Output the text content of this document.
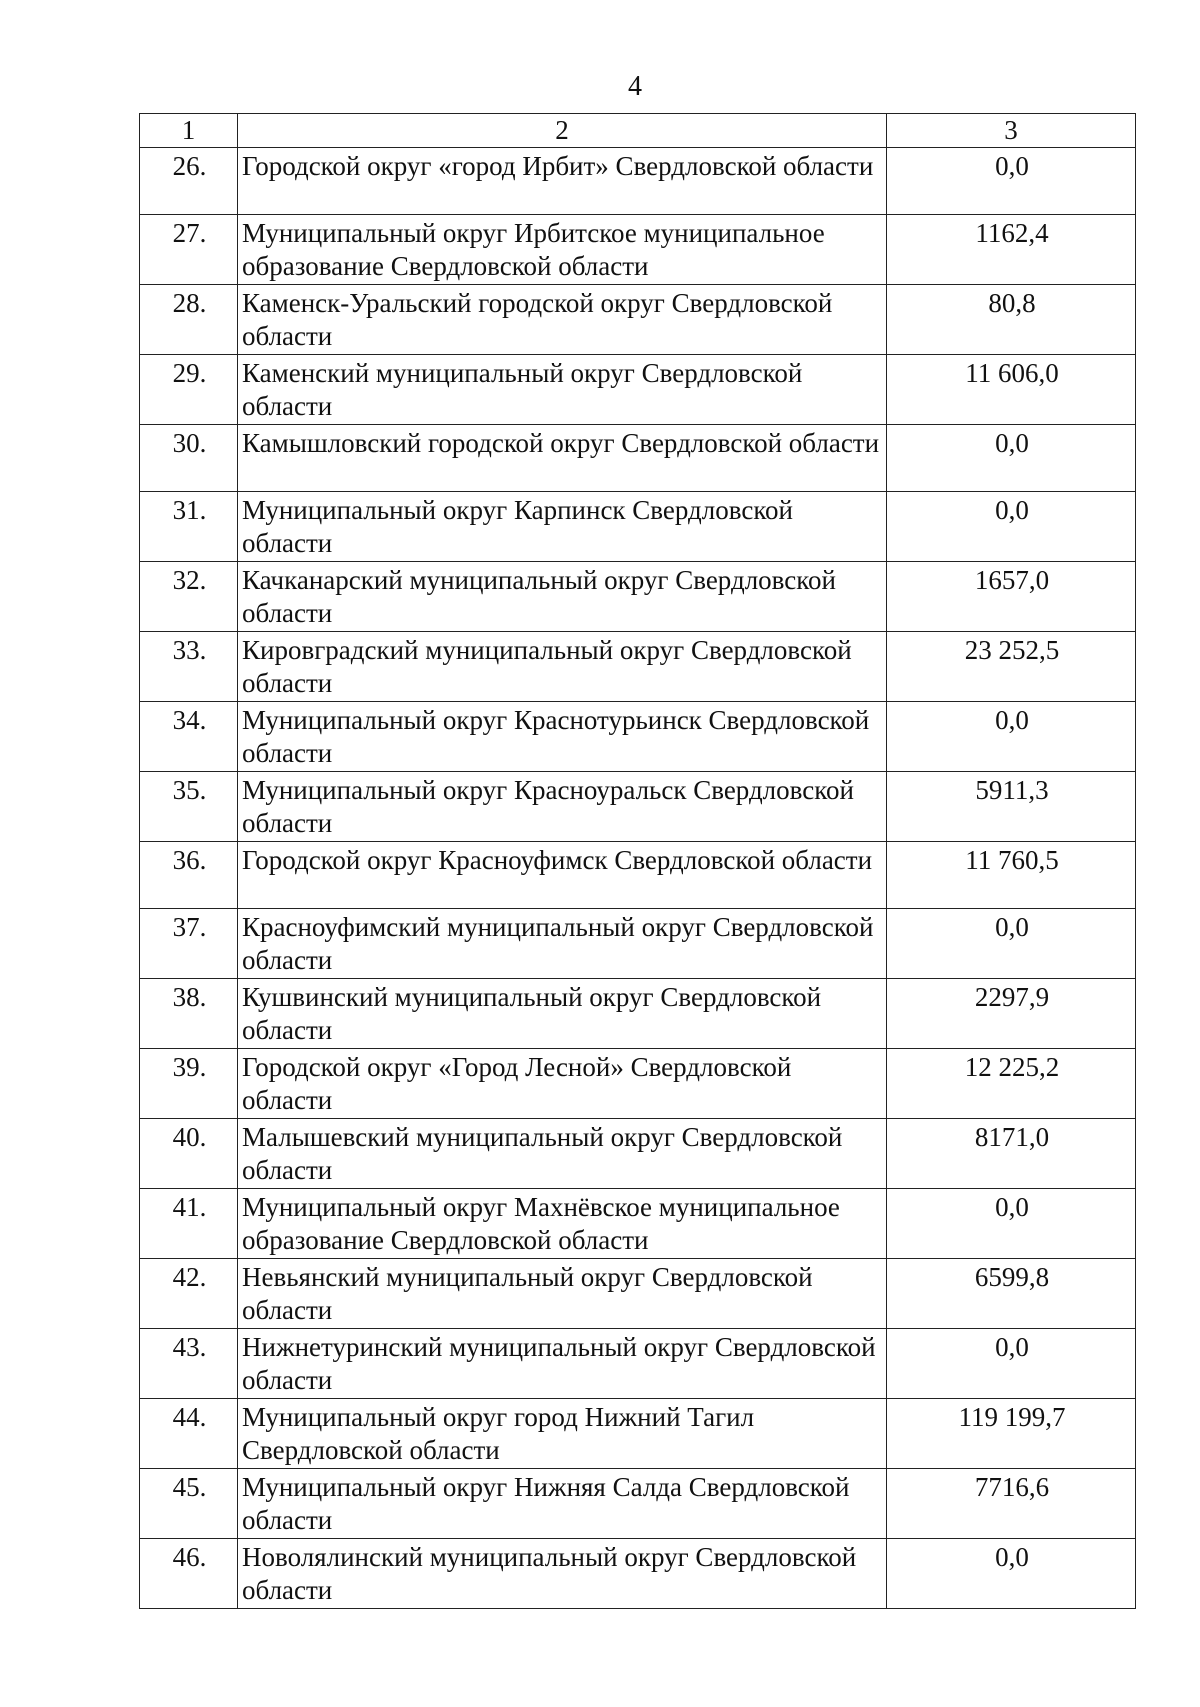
4
1	2	3
26.	Городской округ «город Ирбит» Свердловской области	0,0
27.	Муниципальный округ Ирбитское муниципальное образование Свердловской области	1162,4
28.	Каменск-Уральский городской округ Свердловской области	80,8
29.	Каменский муниципальный округ Свердловской области	11 606,0
30.	Камышловский городской округ Свердловской области	0,0
31.	Муниципальный округ Карпинск Свердловской области	0,0
32.	Качканарский муниципальный округ Свердловской области	1657,0
33.	Кировградский муниципальный округ Свердловской области	23 252,5
34.	Муниципальный округ Краснотурьинск Свердловской области	0,0
35.	Муниципальный округ Красноуральск Свердловской области	5911,3
36.	Городской округ Красноуфимск Свердловской области	11 760,5
37.	Красноуфимский муниципальный округ Свердловской области	0,0
38.	Кушвинский муниципальный округ Свердловской области	2297,9
39.	Городской округ «Город Лесной» Свердловской области	12 225,2
40.	Малышевский муниципальный округ Свердловской области	8171,0
41.	Муниципальный округ Махнёвское муниципальное образование Свердловской области	0,0
42.	Невьянский муниципальный округ Свердловской области	6599,8
43.	Нижнетуринский муниципальный округ Свердловской области	0,0
44.	Муниципальный округ город Нижний Тагил Свердловской области	119 199,7
45.	Муниципальный округ Нижняя Салда Свердловской области	7716,6
46.	Новолялинский муниципальный округ Свердловской области	0,0
